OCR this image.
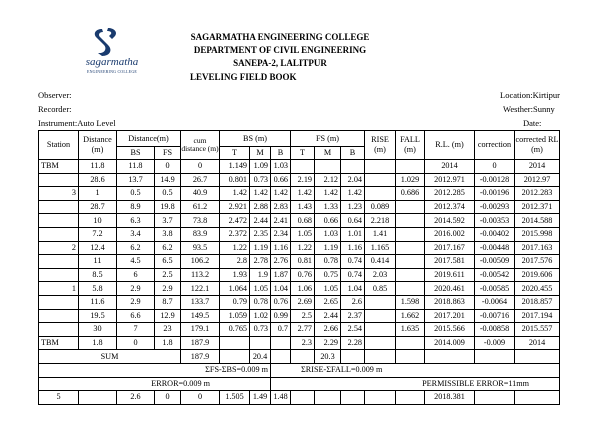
sagarmatha
ENGINEERING COLLEGE
SAGARMATHA ENGINEERING COLLEGE
DEPARTMENT OF CIVIL ENGINEERING
SANEPA-2, LALITPUR
LEVELING FIELD BOOK
Observer:
Recorder:
Instrument:Auto Level
Location:Kirtipur
Westher:Sunny
Date:
Station	Distance (m)	Distance(m)		cum distance (m)	BS (m)			FS (m)			RISE (m)	FALL (m)	R.L. (m)	correction	corrected RL (m)
		BS	FS		T	M	B	T	M	B					
TBM	11.8	11.8	0	0	1.149	1.09	1.03						2014	0	2014
	28.6	13.7	14.9	26.7	0.801	0.73	0.66	2.19	2.12	2.04		1.029	2012.971	-0.00128	2012.97
3	1	0.5	0.5	40.9	1.42	1.42	1.42	1.42	1.42	1.42		0.686	2012.285	-0.00196	2012.283
	28.7	8.9	19.8	61.2	2.921	2.88	2.83	1.43	1.33	1.23	0.089		2012.374	-0.00293	2012.371
	10	6.3	3.7	73.8	2.472	2.44	2.41	0.68	0.66	0.64	2.218		2014.592	-0.00353	2014.588
	7.2	3.4	3.8	83.9	2.372	2.35	2.34	1.05	1.03	1.01	1.41		2016.002	-0.00402	2015.998
2	12.4	6.2	6.2	93.5	1.22	1.19	1.16	1.22	1.19	1.16	1.165		2017.167	-0.00448	2017.163
	11	4.5	6.5	106.2	2.8	2.78	2.76	0.81	0.78	0.74	0.414		2017.581	-0.00509	2017.576
	8.5	6	2.5	113.2	1.93	1.9	1.87	0.76	0.75	0.74	2.03		2019.611	-0.00542	2019.606
1	5.8	2.9	2.9	122.1	1.064	1.05	1.04	1.06	1.05	1.04	0.85		2020.461	-0.00585	2020.455
	11.6	2.9	8.7	133.7	0.79	0.78	0.76	2.69	2.65	2.6		1.598	2018.863	-0.0064	2018.857
	19.5	6.6	12.9	149.5	1.059	1.02	0.99	2.5	2.44	2.37		1.662	2017.201	-0.00716	2017.194
	30	7	23	179.1	0.765	0.73	0.7	2.77	2.66	2.54		1.635	2015.566	-0.00858	2015.557
TBM	1.8	0	1.8	187.9				2.3	2.29	2.28			2014.009	-0.009	2014
SUM				187.9		20.4			20.3						
ΣFS-ΣBS=0.009 m							ΣRISE-ΣFALL=0.009 m								
ERROR=0.009 m							PERMISSIBLE ERROR=11mm								
5		2.6	0	0	1.505	1.49	1.48						2018.381		
